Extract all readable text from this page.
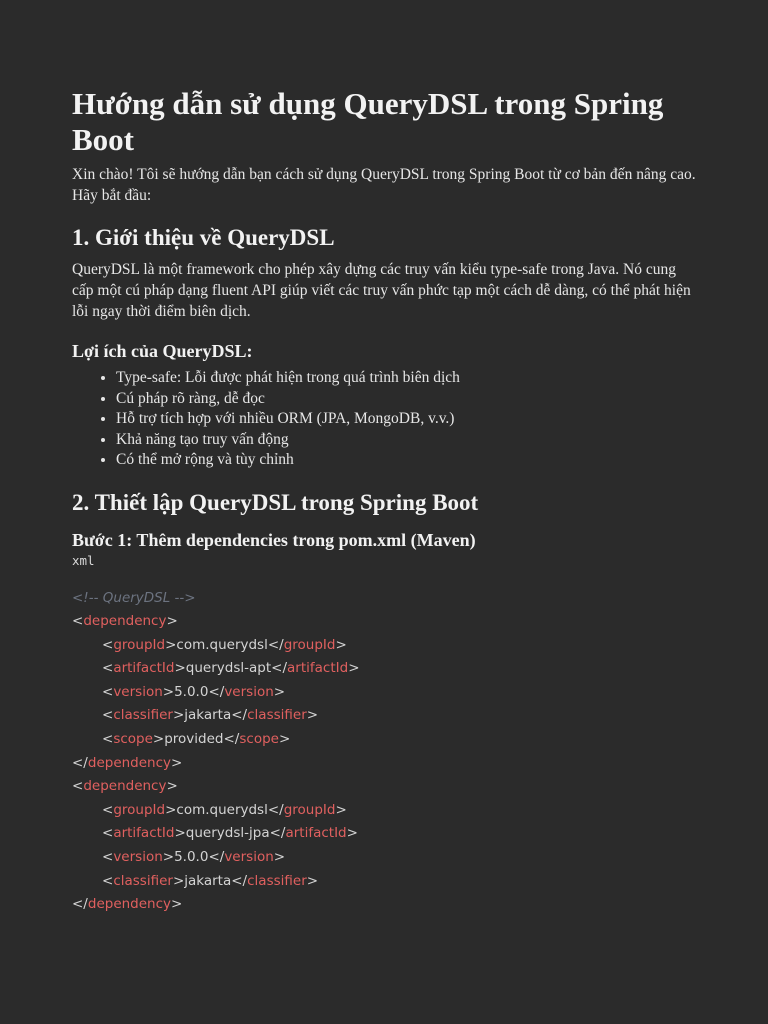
Hướng dẫn sử dụng QueryDSL trong Spring Boot

Xin chào! Tôi sẽ hướng dẫn bạn cách sử dụng QueryDSL trong Spring Boot từ cơ bản đến nâng cao. Hãy bắt đầu:

1. Giới thiệu về QueryDSL

QueryDSL là một framework cho phép xây dựng các truy vấn kiểu type-safe trong Java. Nó cung cấp một cú pháp dạng fluent API giúp viết các truy vấn phức tạp một cách dễ dàng, có thể phát hiện lỗi ngay thời điểm biên dịch.

Lợi ích của QueryDSL:
• Type-safe: Lỗi được phát hiện trong quá trình biên dịch
• Cú pháp rõ ràng, dễ đọc
• Hỗ trợ tích hợp với nhiều ORM (JPA, MongoDB, v.v.)
• Khả năng tạo truy vấn động
• Có thể mở rộng và tùy chỉnh
2. Thiết lập QueryDSL trong Spring Boot
Bước 1: Thêm dependencies trong pom.xml (Maven)
xml
<!-- QueryDSL -->
<dependency>
<groupId>com.querydsl</groupId>
<artifactId>querydsl-apt</artifactId>
<version>5.0.0</version>
<classifier>jakarta</classifier>
<scope>provided</scope>
</dependency>
<dependency>
<groupId>com.querydsl</groupId>
<artifactId>querydsl-jpa</artifactId>
<version>5.0.0</version>
<classifier>jakarta</classifier>
</dependency>
